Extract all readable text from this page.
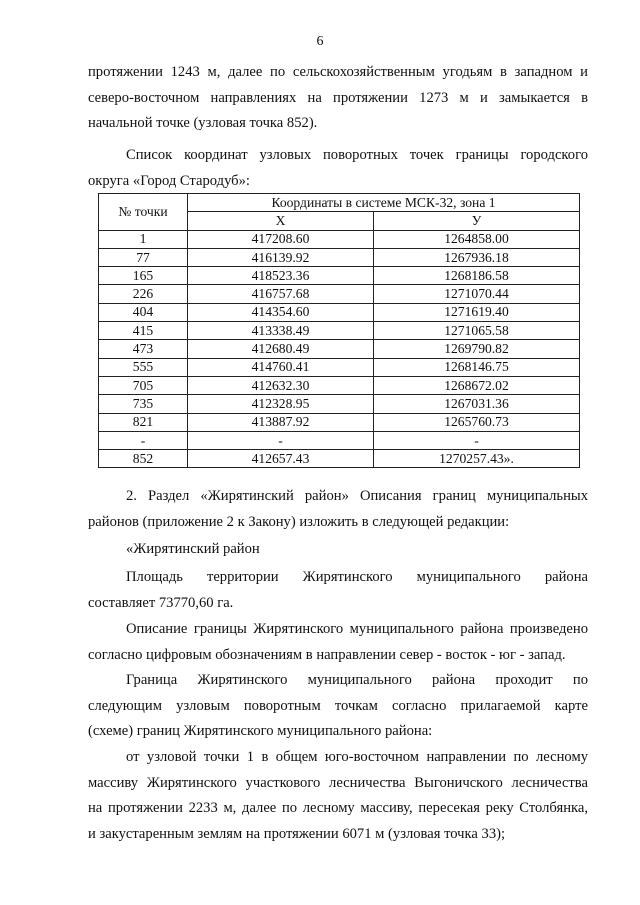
6
протяжении 1243 м, далее по сельскохозяйственным угодьям в западном и
северо-восточном направлениях на протяжении 1273 м и замыкается в
начальной точке (узловая точка 852).
Список координат узловых поворотных точек границы городского
округа «Город Стародуб»:
№ точки	Координаты в системе МСК-32, зона 1	
	Х	У
1	417208.60	1264858.00
77	416139.92	1267936.18
165	418523.36	1268186.58
226	416757.68	1271070.44
404	414354.60	1271619.40
415	413338.49	1271065.58
473	412680.49	1269790.82
555	414760.41	1268146.75
705	412632.30	1268672.02
735	412328.95	1267031.36
821	413887.92	1265760.73
-	-	-
852	412657.43	1270257.43».
2. Раздел «Жирятинский район» Описания границ муниципальных
районов (приложение 2 к Закону) изложить в следующей редакции:
«Жирятинский район
Площадь территории Жирятинского муниципального района
составляет 73770,60 га.
Описание границы Жирятинского муниципального района произведено
согласно цифровым обозначениям в направлении север - восток - юг - запад.
Граница Жирятинского муниципального района проходит по
следующим узловым поворотным точкам согласно прилагаемой карте
(схеме) границ Жирятинского муниципального района:
от узловой точки 1 в общем юго-восточном направлении по лесному
массиву Жирятинского участкового лесничества Выгоничского лесничества
на протяжении 2233 м, далее по лесному массиву, пересекая реку Столбянка,
и закустаренным землям на протяжении 6071 м (узловая точка 33);
